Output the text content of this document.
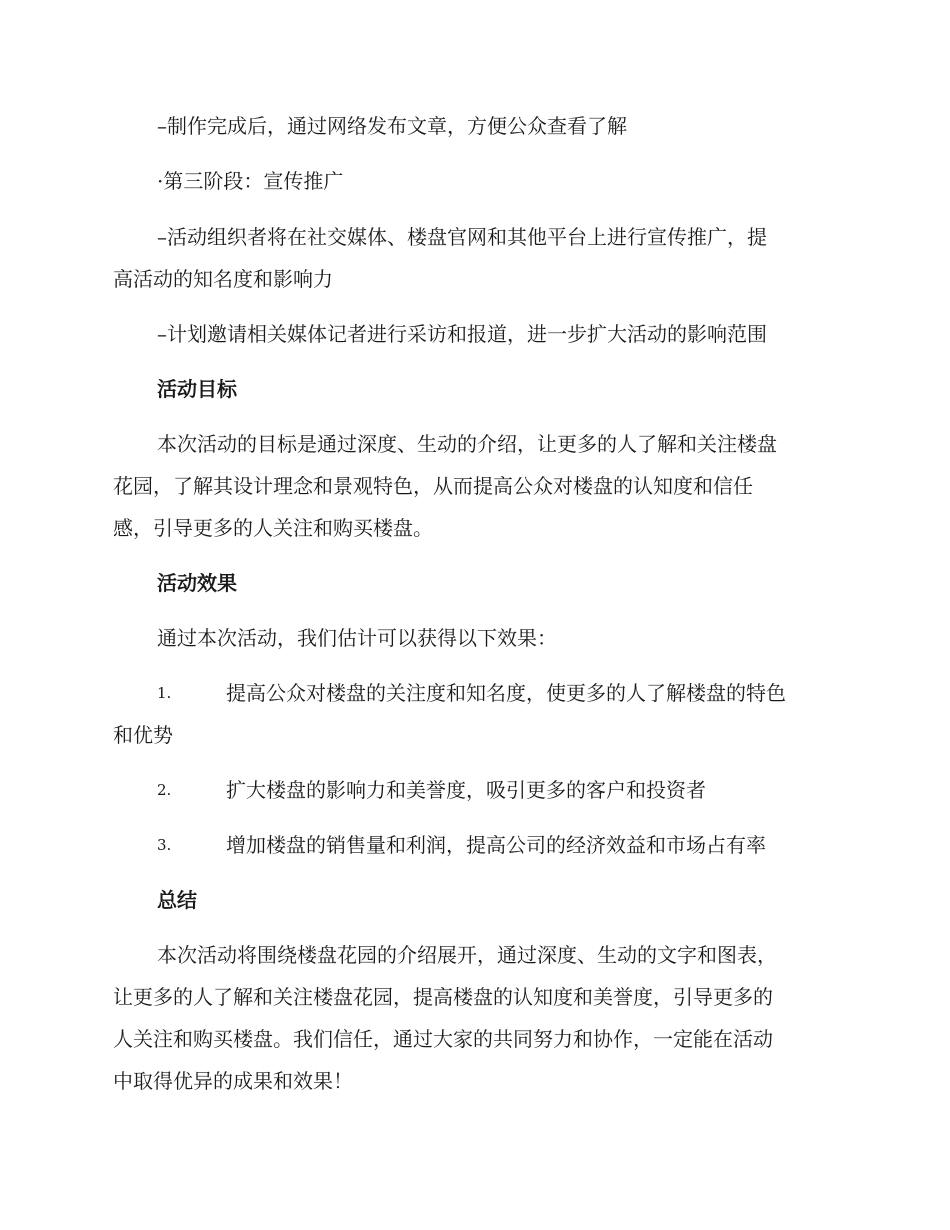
–制作完成后，通过网络发布文章，方便公众查看了解

·第三阶段：宣传推广

–活动组织者将在社交媒体、楼盘官网和其他平台上进行宣传推广，提

高活动的知名度和影响力

–计划邀请相关媒体记者进行采访和报道，进一步扩大活动的影响范围

活动目标

本次活动的目标是通过深度、生动的介绍，让更多的人了解和关注楼盘

花园，了解其设计理念和景观特色，从而提高公众对楼盘的认知度和信任

感，引导更多的人关注和购买楼盘。

活动效果

通过本次活动，我们估计可以获得以下效果：

1.	提高公众对楼盘的关注度和知名度，使更多的人了解楼盘的特色
和优势
2.	扩大楼盘的影响力和美誉度，吸引更多的客户和投资者
3.	增加楼盘的销售量和利润，提高公司的经济效益和市场占有率

总结

本次活动将围绕楼盘花园的介绍展开，通过深度、生动的文字和图表，

让更多的人了解和关注楼盘花园，提高楼盘的认知度和美誉度，引导更多的

人关注和购买楼盘。我们信任，通过大家的共同努力和协作，一定能在活动

中取得优异的成果和效果！
